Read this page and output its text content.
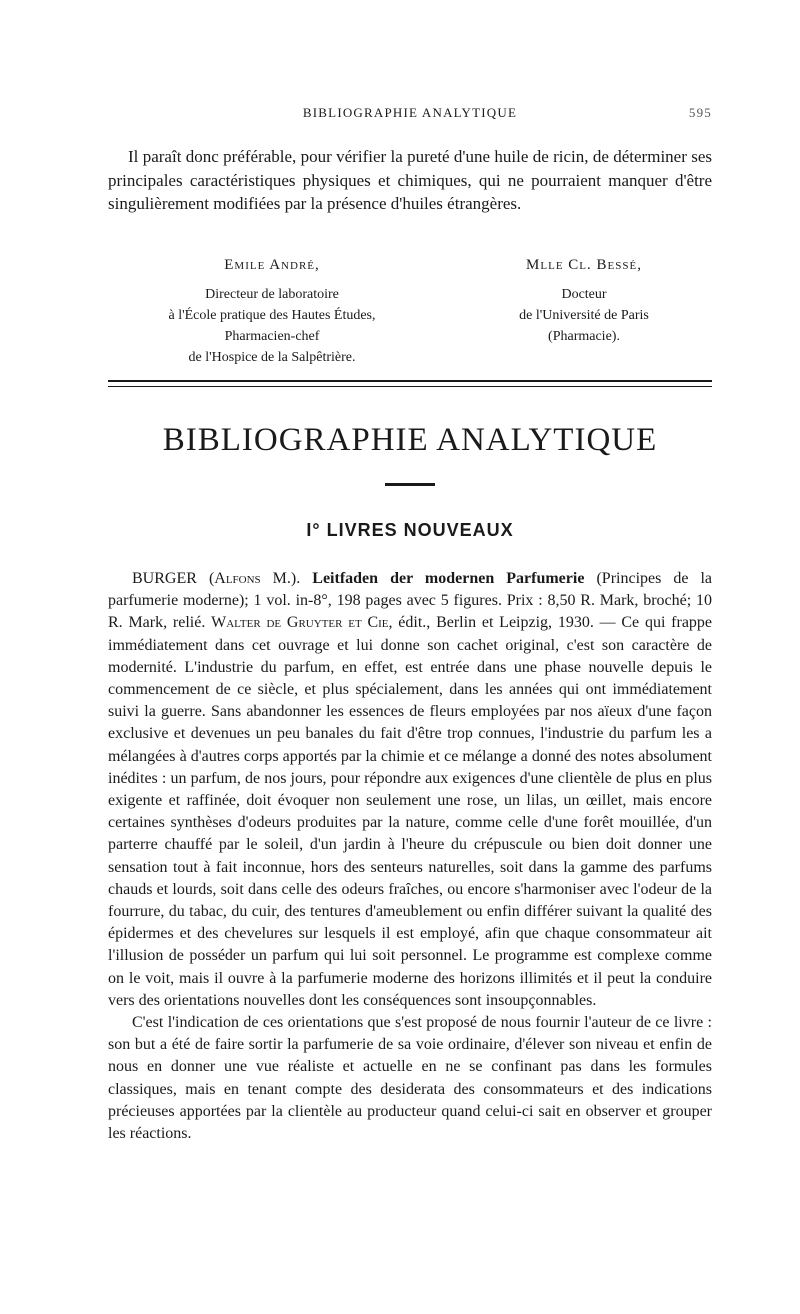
BIBLIOGRAPHIE ANALYTIQUE	595

Il paraît donc préférable, pour vérifier la pureté d'une huile de ricin, de déterminer ses principales caractéristiques physiques et chimiques, qui ne pourraient manquer d'être singulièrement modifiées par la présence d'huiles étrangères.

Emile André,
Directeur de laboratoire
à l'École pratique des Hautes Études,
Pharmacien-chef
de l'Hospice de la Salpêtrière.
Mlle Cl. Bessé,
Docteur
de l'Université de Paris
(Pharmacie).
BIBLIOGRAPHIE ANALYTIQUE
I° LIVRES NOUVEAUX

BURGER (Alfons M.). Leitfaden der modernen Parfumerie (Principes de la parfumerie moderne); 1 vol. in-8°, 198 pages avec 5 figures. Prix : 8,50 R. Mark, broché; 10 R. Mark, relié. Walter de Gruyter et Cie, édit., Berlin et Leipzig, 1930. — Ce qui frappe immédiatement dans cet ouvrage et lui donne son cachet original, c'est son caractère de modernité. L'industrie du parfum, en effet, est entrée dans une phase nouvelle depuis le commencement de ce siècle, et plus spécialement, dans les années qui ont immédiatement suivi la guerre. Sans abandonner les essences de fleurs employées par nos aïeux d'une façon exclusive et devenues un peu banales du fait d'être trop connues, l'industrie du parfum les a mélangées à d'autres corps apportés par la chimie et ce mélange a donné des notes absolument inédites : un parfum, de nos jours, pour répondre aux exigences d'une clientèle de plus en plus exigente et raffinée, doit évoquer non seulement une rose, un lilas, un œillet, mais encore certaines synthèses d'odeurs produites par la nature, comme celle d'une forêt mouillée, d'un parterre chauffé par le soleil, d'un jardin à l'heure du crépuscule ou bien doit donner une sensation tout à fait inconnue, hors des senteurs naturelles, soit dans la gamme des parfums chauds et lourds, soit dans celle des odeurs fraîches, ou encore s'harmoniser avec l'odeur de la fourrure, du tabac, du cuir, des tentures d'ameublement ou enfin différer suivant la qualité des épidermes et des chevelures sur lesquels il est employé, afin que chaque consommateur ait l'illusion de posséder un parfum qui lui soit personnel. Le programme est complexe comme on le voit, mais il ouvre à la parfumerie moderne des horizons illimités et il peut la conduire vers des orientations nouvelles dont les conséquences sont insoupçonnables.

C'est l'indication de ces orientations que s'est proposé de nous fournir l'auteur de ce livre : son but a été de faire sortir la parfumerie de sa voie ordinaire, d'élever son niveau et enfin de nous en donner une vue réaliste et actuelle en ne se confinant pas dans les formules classiques, mais en tenant compte des desiderata des consommateurs et des indications précieuses apportées par la clientèle au producteur quand celui-ci sait en observer et grouper les réactions.
